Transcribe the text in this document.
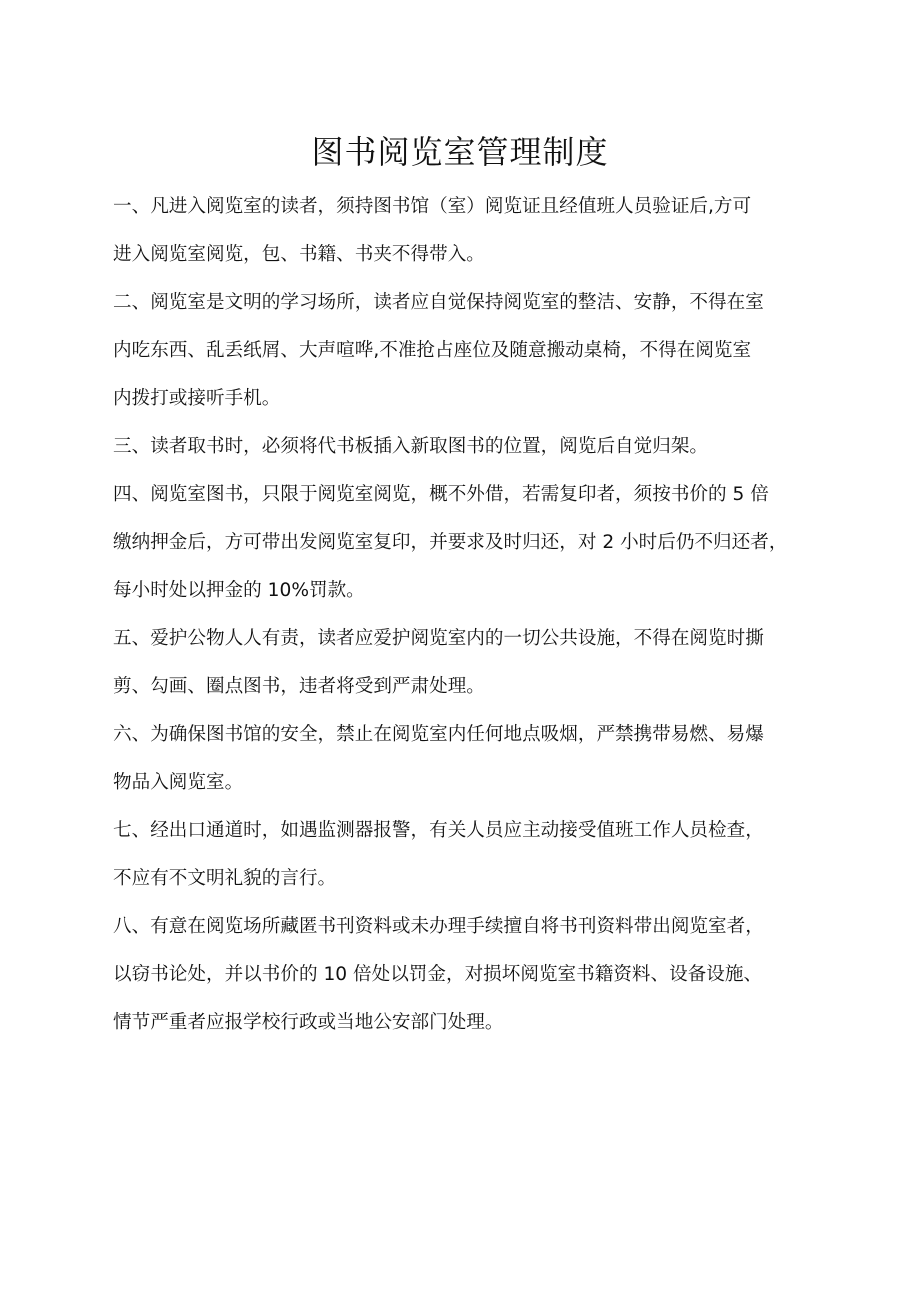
图书阅览室管理制度

一、凡进入阅览室的读者，须持图书馆（室）阅览证且经值班人员验证后,方可
进入阅览室阅览，包、书籍、书夹不得带入。

二、阅览室是文明的学习场所，读者应自觉保持阅览室的整洁、安静，不得在室
内吃东西、乱丢纸屑、大声喧哗,不准抢占座位及随意搬动桌椅，不得在阅览室
内拨打或接听手机。

三、读者取书时，必须将代书板插入新取图书的位置，阅览后自觉归架。

四、阅览室图书，只限于阅览室阅览，概不外借，若需复印者，须按书价的 5 倍
缴纳押金后，方可带出发阅览室复印，并要求及时归还，对 2 小时后仍不归还者，
每小时处以押金的 10%罚款。

五、爱护公物人人有责，读者应爱护阅览室内的一切公共设施，不得在阅览时撕
剪、勾画、圈点图书，违者将受到严肃处理。

六、为确保图书馆的安全，禁止在阅览室内任何地点吸烟，严禁携带易燃、易爆
物品入阅览室。

七、经出口通道时，如遇监测器报警，有关人员应主动接受值班工作人员检查，
不应有不文明礼貌的言行。

八、有意在阅览场所藏匿书刊资料或未办理手续擅自将书刊资料带出阅览室者，
以窃书论处，并以书价的 10 倍处以罚金，对损坏阅览室书籍资料、设备设施、
情节严重者应报学校行政或当地公安部门处理。
